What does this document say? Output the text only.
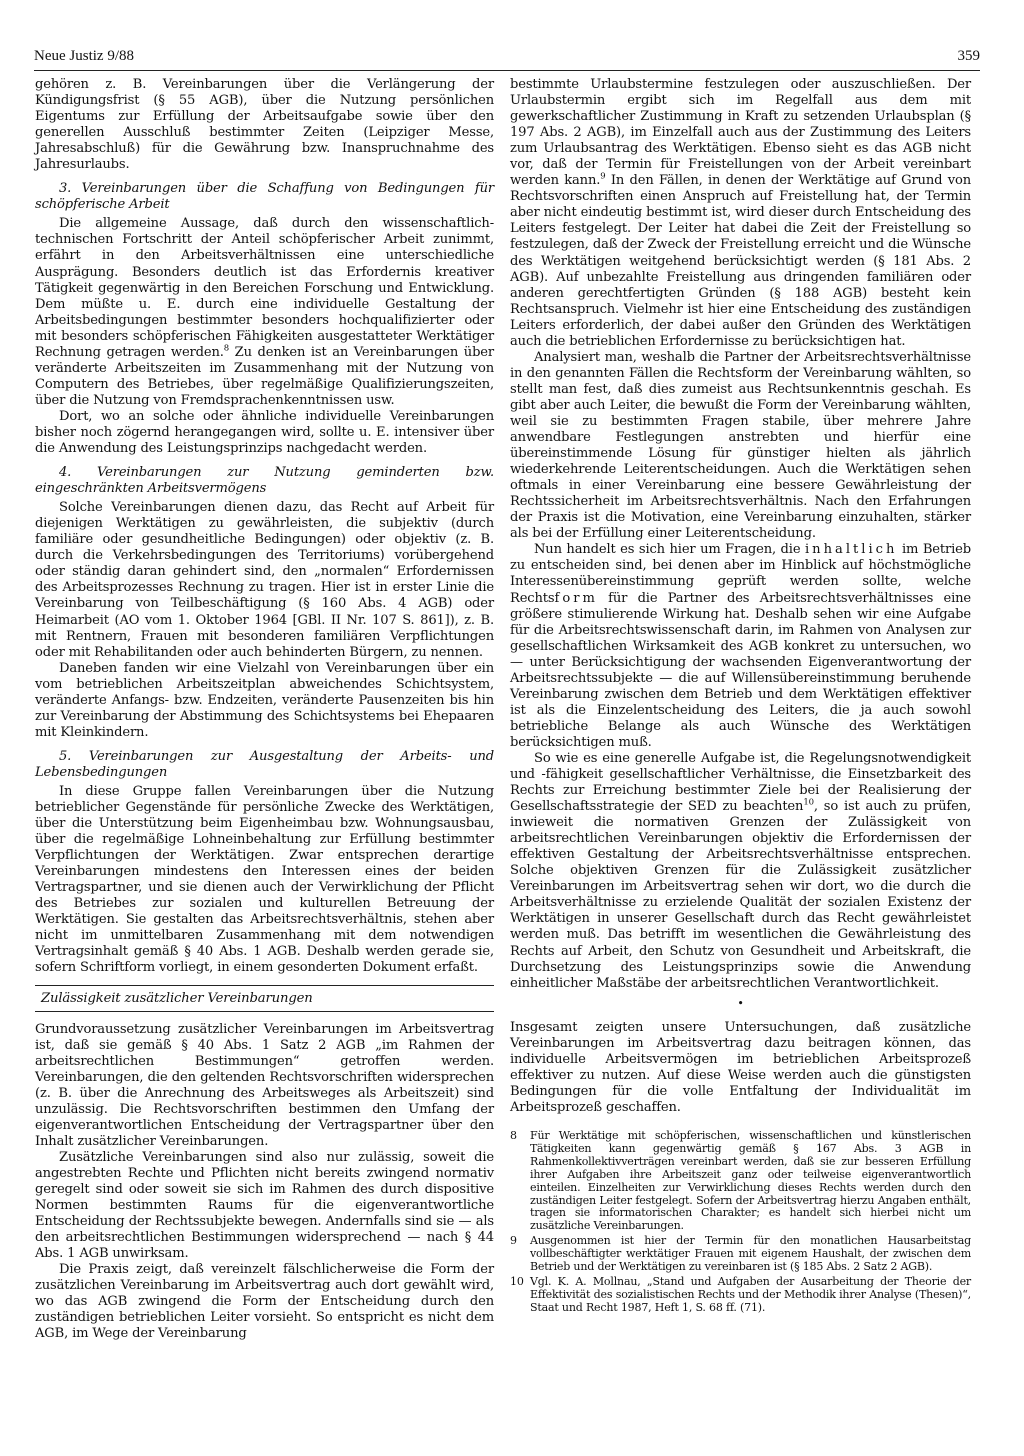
Neue Justiz 9/88	359

gehören z. B. Vereinbarungen über die Verlängerung der Kündigungsfrist (§ 55 AGB), über die Nutzung persönlichen Eigentums zur Erfüllung der Arbeitsaufgabe sowie über den generellen Ausschluß bestimmter Zeiten (Leipziger Messe, Jahresabschluß) für die Gewährung bzw. Inanspruchnahme des Jahresurlaubs.

3. Vereinbarungen über die Schaffung von Bedingungen für schöpferische Arbeit

Die allgemeine Aussage, daß durch den wissenschaftlich-technischen Fortschritt der Anteil schöpferischer Arbeit zunimmt, erfährt in den Arbeitsverhältnissen eine unterschiedliche Ausprägung. Besonders deutlich ist das Erfordernis kreativer Tätigkeit gegenwärtig in den Bereichen Forschung und Entwicklung. Dem müßte u. E. durch eine individuelle Gestaltung der Arbeitsbedingungen bestimmter besonders hochqualifizierter oder mit besonders schöpferischen Fähigkeiten ausgestatteter Werktätiger Rechnung getragen werden.$^8$ Zu denken ist an Vereinbarungen über veränderte Arbeitszeiten im Zusammenhang mit der Nutzung von Computern des Betriebes, über regelmäßige Qualifizierungszeiten, über die Nutzung von Fremdsprachenkenntnissen usw.

Dort, wo an solche oder ähnliche individuelle Vereinbarungen bisher noch zögernd herangegangen wird, sollte u. E. intensiver über die Anwendung des Leistungsprinzips nachgedacht werden.

4. Vereinbarungen zur Nutzung geminderten bzw. eingeschränkten Arbeitsvermögens

Solche Vereinbarungen dienen dazu, das Recht auf Arbeit für diejenigen Werktätigen zu gewährleisten, die subjektiv (durch familiäre oder gesundheitliche Bedingungen) oder objektiv (z. B. durch die Verkehrsbedingungen des Territoriums) vorübergehend oder ständig daran gehindert sind, den „normalen“ Erfordernissen des Arbeitsprozesses Rechnung zu tragen. Hier ist in erster Linie die Vereinbarung von Teilbeschäftigung (§ 160 Abs. 4 AGB) oder Heimarbeit (AO vom 1. Oktober 1964 [GBl. II Nr. 107 S. 861]), z. B. mit Rentnern, Frauen mit besonderen familiären Verpflichtungen oder mit Rehabilitanden oder auch behinderten Bürgern, zu nennen.

Daneben fanden wir eine Vielzahl von Vereinbarungen über ein vom betrieblichen Arbeitszeitplan abweichendes Schichtsystem, veränderte Anfangs- bzw. Endzeiten, veränderte Pausenzeiten bis hin zur Vereinbarung der Abstimmung des Schichtsystems bei Ehepaaren mit Kleinkindern.

5. Vereinbarungen zur Ausgestaltung der Arbeits- und Lebensbedingungen

In diese Gruppe fallen Vereinbarungen über die Nutzung betrieblicher Gegenstände für persönliche Zwecke des Werktätigen, über die Unterstützung beim Eigenheimbau bzw. Wohnungsausbau, über die regelmäßige Lohneinbehaltung zur Erfüllung bestimmter Verpflichtungen der Werktätigen. Zwar entsprechen derartige Vereinbarungen mindestens den Interessen eines der beiden Vertragspartner, und sie dienen auch der Verwirklichung der Pflicht des Betriebes zur sozialen und kulturellen Betreuung der Werktätigen. Sie gestalten das Arbeitsrechtsverhältnis, stehen aber nicht im unmittelbaren Zusammenhang mit dem notwendigen Vertragsinhalt gemäß § 40 Abs. 1 AGB. Deshalb werden gerade sie, sofern Schriftform vorliegt, in einem gesonderten Dokument erfaßt.

Zulässigkeit zusätzlicher Vereinbarungen

Grundvoraussetzung zusätzlicher Vereinbarungen im Arbeitsvertrag ist, daß sie gemäß § 40 Abs. 1 Satz 2 AGB „im Rahmen der arbeitsrechtlichen Bestimmungen“ getroffen werden. Vereinbarungen, die den geltenden Rechtsvorschriften widersprechen (z. B. über die Anrechnung des Arbeitsweges als Arbeitszeit) sind unzulässig. Die Rechtsvorschriften bestimmen den Umfang der eigenverantwortlichen Entscheidung der Vertragspartner über den Inhalt zusätzlicher Vereinbarungen.

Zusätzliche Vereinbarungen sind also nur zulässig, soweit die angestrebten Rechte und Pflichten nicht bereits zwingend normativ geregelt sind oder soweit sie sich im Rahmen des durch dispositive Normen bestimmten Raums für die eigenverantwortliche Entscheidung der Rechtssubjekte bewegen. Andernfalls sind sie — als den arbeitsrechtlichen Bestimmungen widersprechend — nach § 44 Abs. 1 AGB unwirksam.

Die Praxis zeigt, daß vereinzelt fälschlicherweise die Form der zusätzlichen Vereinbarung im Arbeitsvertrag auch dort gewählt wird, wo das AGB zwingend die Form der Entscheidung durch den zuständigen betrieblichen Leiter vorsieht. So entspricht es nicht dem AGB, im Wege der Vereinbarung

bestimmte Urlaubstermine festzulegen oder auszuschließen. Der Urlaubstermin ergibt sich im Regelfall aus dem mit gewerkschaftlicher Zustimmung in Kraft zu setzenden Urlaubsplan (§ 197 Abs. 2 AGB), im Einzelfall auch aus der Zustimmung des Leiters zum Urlaubsantrag des Werktätigen. Ebenso sieht es das AGB nicht vor, daß der Termin für Freistellungen von der Arbeit vereinbart werden kann.$^9$ In den Fällen, in denen der Werktätige auf Grund von Rechtsvorschriften einen Anspruch auf Freistellung hat, der Termin aber nicht eindeutig bestimmt ist, wird dieser durch Entscheidung des Leiters festgelegt. Der Leiter hat dabei die Zeit der Freistellung so festzulegen, daß der Zweck der Freistellung erreicht und die Wünsche des Werktätigen weitgehend berücksichtigt werden (§ 181 Abs. 2 AGB). Auf unbezahlte Freistellung aus dringenden familiären oder anderen gerechtfertigten Gründen (§ 188 AGB) besteht kein Rechtsanspruch. Vielmehr ist hier eine Entscheidung des zuständigen Leiters erforderlich, der dabei außer den Gründen des Werktätigen auch die betrieblichen Erfordernisse zu berücksichtigen hat.

Analysiert man, weshalb die Partner der Arbeitsrechtsverhältnisse in den genannten Fällen die Rechtsform der Vereinbarung wählten, so stellt man fest, daß dies zumeist aus Rechtsunkenntnis geschah. Es gibt aber auch Leiter, die bewußt die Form der Vereinbarung wählten, weil sie zu bestimmten Fragen stabile, über mehrere Jahre anwendbare Festlegungen anstrebten und hierfür eine übereinstimmende Lösung für günstiger hielten als jährlich wiederkehrende Leiterentscheidungen. Auch die Werktätigen sehen oftmals in einer Vereinbarung eine bessere Gewährleistung der Rechtssicherheit im Arbeitsrechtsverhältnis. Nach den Erfahrungen der Praxis ist die Motivation, eine Vereinbarung einzuhalten, stärker als bei der Erfüllung einer Leiterentscheidung.

Nun handelt es sich hier um Fragen, die inhaltlich im Betrieb zu entscheiden sind, bei denen aber im Hinblick auf höchstmögliche Interessenübereinstimmung geprüft werden sollte, welche Rechtsform für die Partner des Arbeitsrechtsverhältnisses eine größere stimulierende Wirkung hat. Deshalb sehen wir eine Aufgabe für die Arbeitsrechtswissenschaft darin, im Rahmen von Analysen zur gesellschaftlichen Wirksamkeit des AGB konkret zu untersuchen, wo — unter Berücksichtigung der wachsenden Eigenverantwortung der Arbeitsrechtssubjekte — die auf Willensübereinstimmung beruhende Vereinbarung zwischen dem Betrieb und dem Werktätigen effektiver ist als die Einzelentscheidung des Leiters, die ja auch sowohl betriebliche Belange als auch Wünsche des Werktätigen berücksichtigen muß.

So wie es eine generelle Aufgabe ist, die Regelungsnotwendigkeit und -fähigkeit gesellschaftlicher Verhältnisse, die Einsetzbarkeit des Rechts zur Erreichung bestimmter Ziele bei der Realisierung der Gesellschaftsstrategie der SED zu beachten$^{10}$, so ist auch zu prüfen, inwieweit die normativen Grenzen der Zulässigkeit von arbeitsrechtlichen Vereinbarungen objektiv die Erfordernissen der effektiven Gestaltung der Arbeitsrechtsverhältnisse entsprechen. Solche objektiven Grenzen für die Zulässigkeit zusätzlicher Vereinbarungen im Arbeitsvertrag sehen wir dort, wo die durch die Arbeitsverhältnisse zu erzielende Qualität der sozialen Existenz der Werktätigen in unserer Gesellschaft durch das Recht gewährleistet werden muß. Das betrifft im wesentlichen die Gewährleistung des Rechts auf Arbeit, den Schutz von Gesundheit und Arbeitskraft, die Durchsetzung des Leistungsprinzips sowie die Anwendung einheitlicher Maßstäbe der arbeitsrechtlichen Verantwortlichkeit.

•

Insgesamt zeigten unsere Untersuchungen, daß zusätzliche Vereinbarungen im Arbeitsvertrag dazu beitragen können, das individuelle Arbeitsvermögen im betrieblichen Arbeitsprozeß effektiver zu nutzen. Auf diese Weise werden auch die günstigsten Bedingungen für die volle Entfaltung der Individualität im Arbeitsprozeß geschaffen.

8	Für Werktätige mit schöpferischen, wissenschaftlichen und künstlerischen Tätigkeiten kann gegenwärtig gemäß § 167 Abs. 3 AGB in Rahmenkollektivverträgen vereinbart werden, daß sie zur besseren Erfüllung ihrer Aufgaben ihre Arbeitszeit ganz oder teilweise eigenverantwortlich einteilen. Einzelheiten zur Verwirklichung dieses Rechts werden durch den zuständigen Leiter festgelegt. Sofern der Arbeitsvertrag hierzu Angaben enthält, tragen sie informatorischen Charakter; es handelt sich hierbei nicht um zusätzliche Vereinbarungen.
9	Ausgenommen ist hier der Termin für den monatlichen Hausarbeitstag vollbeschäftigter werktätiger Frauen mit eigenem Haushalt, der zwischen dem Betrieb und der Werktätigen zu vereinbaren ist (§ 185 Abs. 2 Satz 2 AGB).
10 Vgl. K. A. Mollnau, „Stand und Aufgaben der Ausarbeitung der Theorie der Effektivität des sozialistischen Rechts und der Methodik ihrer Analyse (Thesen)“, Staat und Recht 1987, Heft 1, S. 68 ff. (71).
